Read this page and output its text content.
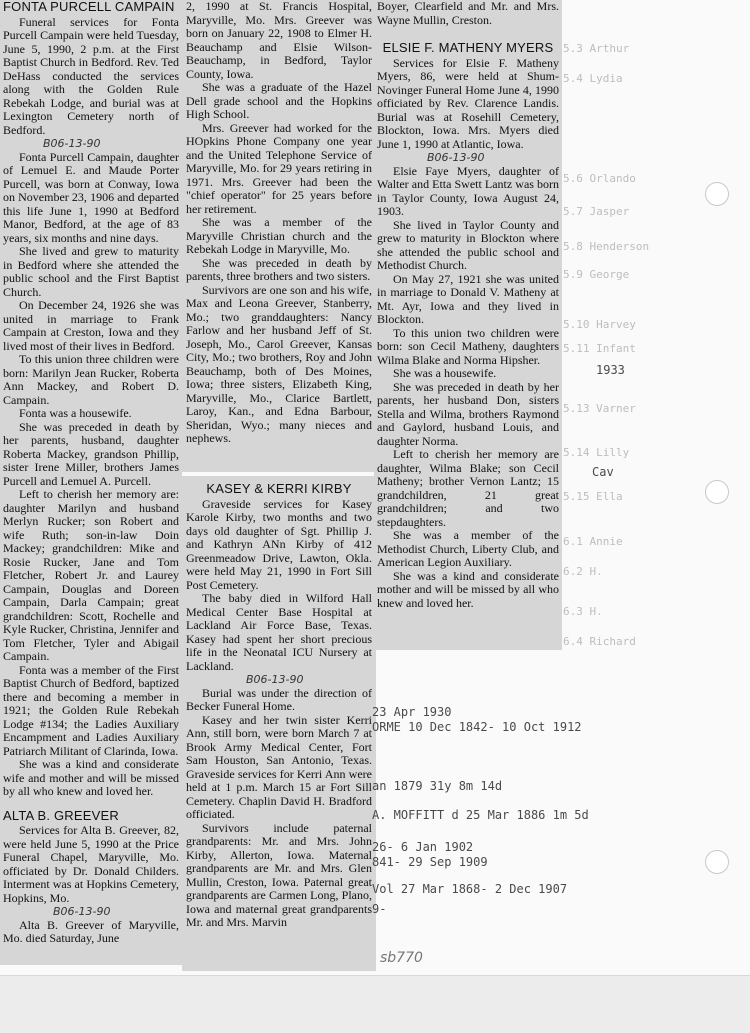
5.3 Arthur
5.4 Lydia
5.6 Orlando
5.7 Jasper
5.8 Henderson
5.9 George
5.10 Harvey
5.11 Infant
5.13 Varner
5.14 Lilly
5.15 Ella
6.1 Annie
6.2 H.
6.3 H.
6.4 Richard
FONTA PURCELL CAMPAIN

Funeral services for Fonta Purcell Campain were held Tuesday, June 5, 1990, 2 p.m. at the First Baptist Church in Bedford. Rev. Ted DeHass conducted the services along with the Golden Rule Rebekah Lodge, and burial was at Lexington Cemetery north of Bedford.

B06-13-90

Fonta Purcell Campain, daughter of Lemuel E. and Maude Porter Purcell, was born at Conway, Iowa on November 23, 1906 and departed this life June 1, 1990 at Bedford Manor, Bedford, at the age of 83 years, six months and nine days.

She lived and grew to maturity in Bedford where she attended the public school and the First Baptist Church.

On December 24, 1926 she was united in marriage to Frank Campain at Creston, Iowa and they lived most of their lives in Bedford.

To this union three children were born: Marilyn Jean Rucker, Roberta Ann Mackey, and Robert D. Campain.

Fonta was a housewife.

She was preceded in death by her parents, husband, daughter Roberta Mackey, grandson Phillip, sister Irene Miller, brothers James Purcell and Lemuel A. Purcell.

Left to cherish her memory are: daughter Marilyn and husband Merlyn Rucker; son Robert and wife Ruth; son-in-law Doin Mackey; grandchildren: Mike and Rosie Rucker, Jane and Tom Fletcher, Robert Jr. and Laurey Campain, Douglas and Doreen Campain, Darla Campain; great grandchildren: Scott, Rochelle and Kyle Rucker, Christina, Jennifer and Tom Fletcher, Tyler and Abigail Campain.

Fonta was a member of the First Baptist Church of Bedford, baptized there and becoming a member in 1921; the Golden Rule Rebekah Lodge #134; the Ladies Auxiliary Encampment and Ladies Auxiliary Patriarch Militant of Clarinda, Iowa.

She was a kind and considerate wife and mother and will be missed by all who knew and loved her.

ALTA B. GREEVER

Services for Alta B. Greever, 82, were held June 5, 1990 at the Price Funeral Chapel, Maryville, Mo. officiated by Dr. Donald Childers. Interment was at Hopkins Cemetery, Hopkins, Mo.

B06-13-90

Alta B. Greever of Maryville, Mo. died Saturday, June

2, 1990 at St. Francis Hospital, Maryville, Mo. Mrs. Greever was born on January 22, 1908 to Elmer H. Beauchamp and Elsie Wilson-Beauchamp, in Bedford, Taylor County, Iowa.

She was a graduate of the Hazel Dell grade school and the Hopkins High School.

Mrs. Greever had worked for the HOpkins Phone Company one year and the United Telephone Service of Maryville, Mo. for 29 years retiring in 1971. Mrs. Greever had been the "chief operator" for 25 years before her retirement.

She was a member of the Maryville Christian church and the Rebekah Lodge in Maryville, Mo.

She was preceded in death by parents, three brothers and two sisters.

Survivors are one son and his wife, Max and Leona Greever, Stanberry, Mo.; two granddaughters: Nancy Farlow and her husband Jeff of St. Joseph, Mo., Carol Greever, Kansas City, Mo.; two brothers, Roy and John Beauchamp, both of Des Moines, Iowa; three sisters, Elizabeth King, Maryville, Mo., Clarice Bartlett, Laroy, Kan., and Edna Barbour, Sheridan, Wyo.; many nieces and nephews.

KASEY & KERRI KIRBY

Graveside services for Kasey Karole Kirby, two months and two days old daughter of Sgt. Phillip J. and Kathryn ANn Kirby of 412 Greenmeadow Drive, Lawton, Okla. were held May 21, 1990 in Fort Sill Post Cemetery.

The baby died in Wilford Hall Medical Center Base Hospital at Lackland Air Force Base, Texas. Kasey had spent her short precious life in the Neonatal ICU Nursery at Lackland.

B06-13-90

Burial was under the direction of Becker Funeral Home.

Kasey and her twin sister Kerri Ann, still born, were born March 7 at Brook Army Medical Center, Fort Sam Houston, San Antonio, Texas. Graveside services for Kerri Ann were held at 1 p.m. March 15 ar Fort Sill Cemetery. Chaplin David H. Bradford officiated.

Survivors include paternal grandparents: Mr. and Mrs. John Kirby, Allerton, Iowa. Maternal grandparents are Mr. and Mrs. Glen Mullin, Creston, Iowa. Paternal great grandparents are Carmen Long, Plano, Iowa and maternal great grandparents Mr. and Mrs. Marvin

Boyer, Clearfield and Mr. and Mrs. Wayne Mullin, Creston.

ELSIE F. MATHENY MYERS

Services for Elsie F. Matheny Myers, 86, were held at Shum-Novinger Funeral Home June 4, 1990 officiated by Rev. Clarence Landis. Burial was at Rosehill Cemetery, Blockton, Iowa. Mrs. Myers died June 1, 1990 at Atlantic, Iowa.

B06-13-90

Elsie Faye Myers, daughter of Walter and Etta Swett Lantz was born in Taylor County, Iowa August 24, 1903.

She lived in Taylor County and grew to maturity in Blockton where she attended the public school and Methodist Church.

On May 27, 1921 she was united in marriage to Donald V. Matheny at Mt. Ayr, Iowa and they lived in Blockton.

To this union two children were born: son Cecil Matheny, daughters Wilma Blake and Norma Hipsher.

She was a housewife.

She was preceded in death by her parents, her husband Don, sisters Stella and Wilma, brothers Raymond and Gaylord, husband Louis, and daughter Norma.

Left to cherish her memory are daughter, Wilma Blake; son Cecil Matheny; brother Vernon Lantz; 15 grandchildren, 21 great grandchildren; and two stepdaughters.

She was a member of the Methodist Church, Liberty Club, and American Legion Auxiliary.

She was a kind and considerate mother and will be missed by all who knew and loved her.

23 Apr 1930
ORME 10 Dec 1842- 10 Oct 1912
an 1879 31y 8m 14d
A. MOFFITT d 25 Mar 1886 1m 5d
26- 6 Jan 1902
841- 29 Sep 1909
Vol 27 Mar 1868- 2 Dec 1907
9-
1933
Cav
sb770
